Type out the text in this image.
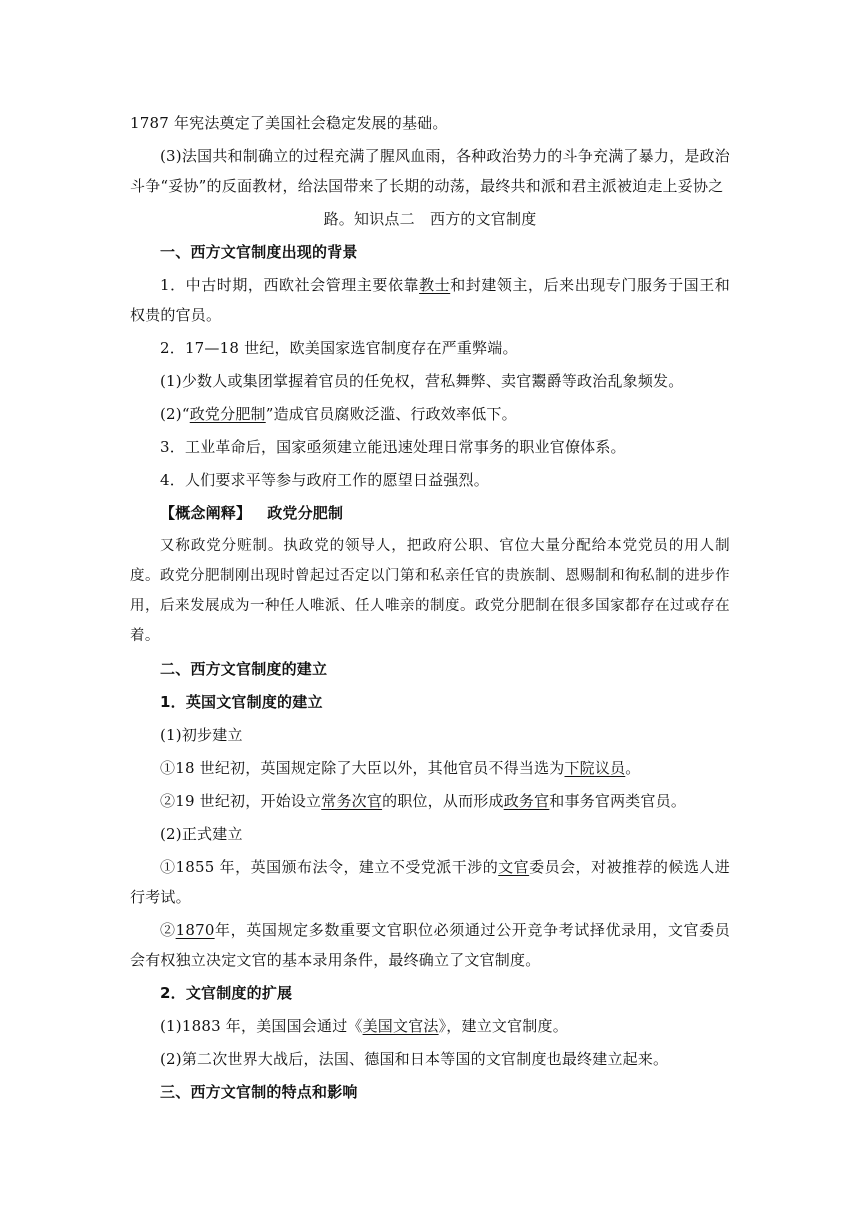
1787 年宪法奠定了美国社会稳定发展的基础。

(3)法国共和制确立的过程充满了腥风血雨，各种政治势力的斗争充满了暴力，是政治斗争“妥协”的反面教材，给法国带来了长期的动荡，最终共和派和君主派被迫走上妥协之

路。知识点二　西方的文官制度

一、西方文官制度出现的背景

1．中古时期，西欧社会管理主要依靠教士和封建领主，后来出现专门服务于国王和权贵的官员。

2．17—18 世纪，欧美国家选官制度存在严重弊端。

(1)少数人或集团掌握着官员的任免权，营私舞弊、卖官鬻爵等政治乱象频发。

(2)“政党分肥制”造成官员腐败泛滥、行政效率低下。

3．工业革命后，国家亟须建立能迅速处理日常事务的职业官僚体系。

4．人们要求平等参与政府工作的愿望日益强烈。

【概念阐释】 政党分肥制

又称政党分赃制。执政党的领导人，把政府公职、官位大量分配给本党党员的用人制度。政党分肥制刚出现时曾起过否定以门第和私亲任官的贵族制、恩赐制和徇私制的进步作用，后来发展成为一种任人唯派、任人唯亲的制度。政党分肥制在很多国家都存在过或存在着。

二、西方文官制度的建立

1．英国文官制度的建立

(1)初步建立

①18 世纪初，英国规定除了大臣以外，其他官员不得当选为下院议员。

②19 世纪初，开始设立常务次官的职位，从而形成政务官和事务官两类官员。

(2)正式建立

①1855 年，英国颁布法令，建立不受党派干涉的文官委员会，对被推荐的候选人进行考试。

②1870年，英国规定多数重要文官职位必须通过公开竞争考试择优录用，文官委员会有权独立决定文官的基本录用条件，最终确立了文官制度。

2．文官制度的扩展

(1)1883 年，美国国会通过《美国文官法》，建立文官制度。

(2)第二次世界大战后，法国、德国和日本等国的文官制度也最终建立起来。

三、西方文官制的特点和影响
